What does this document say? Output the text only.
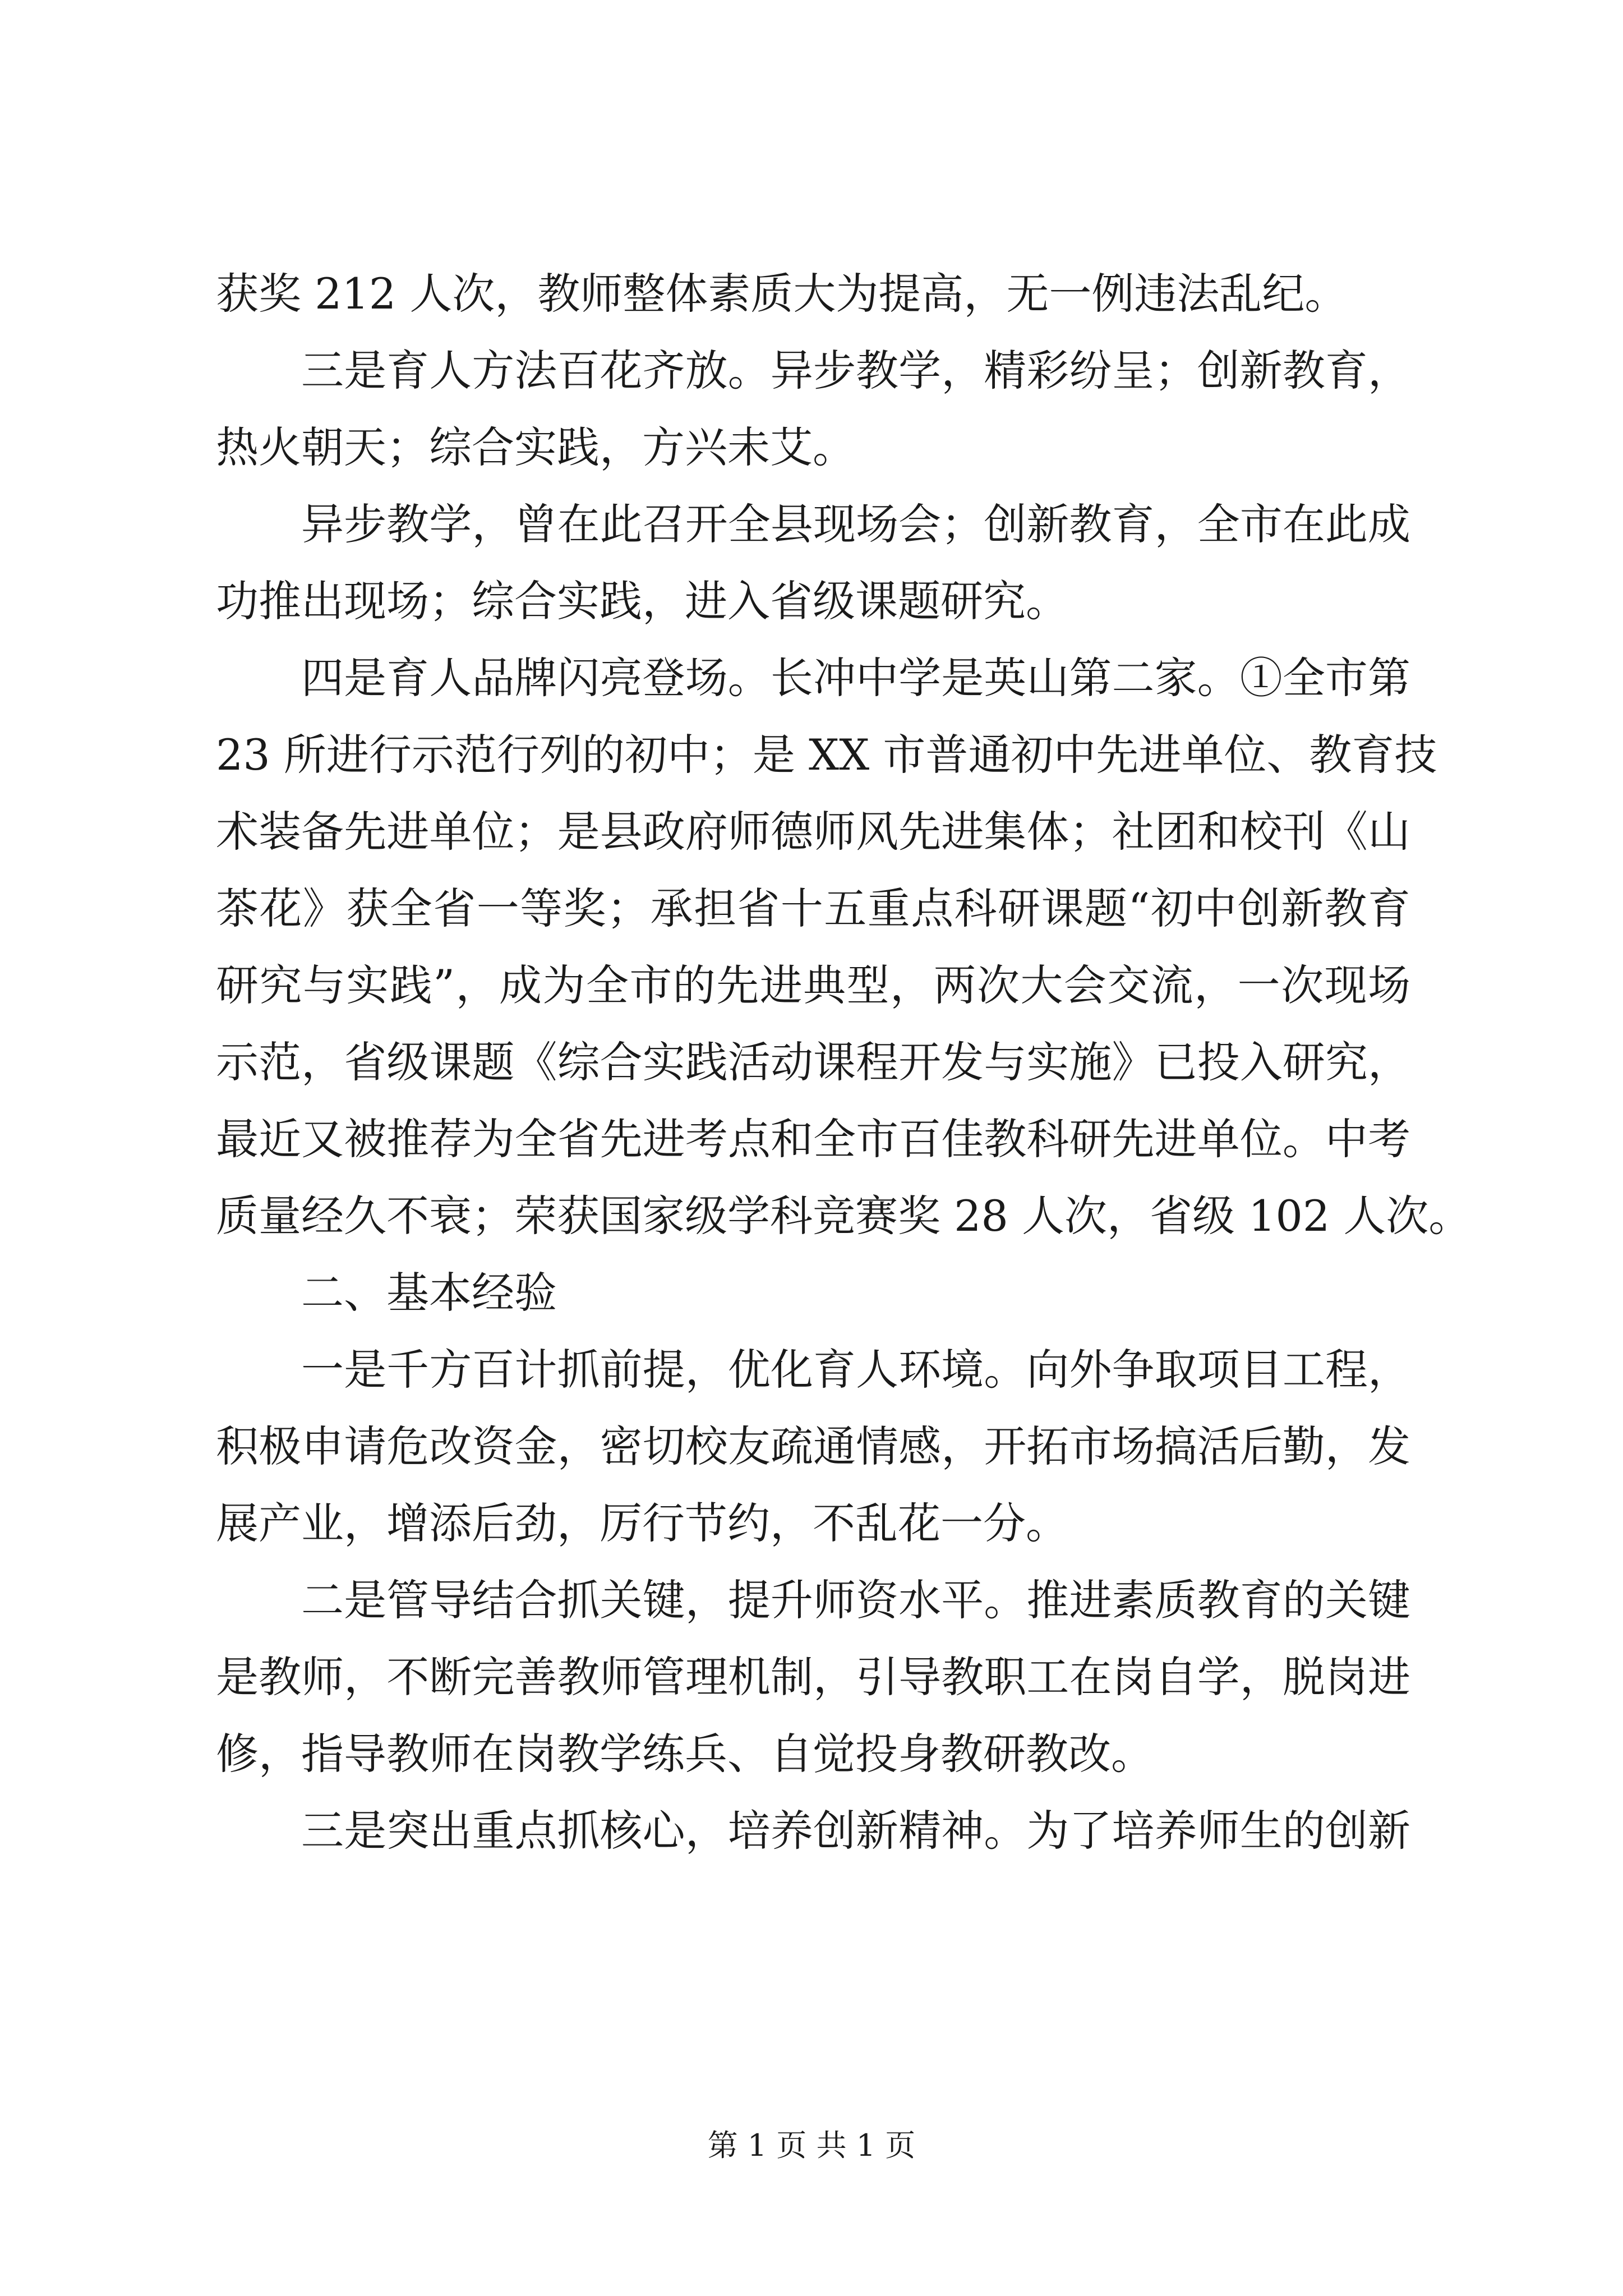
获奖 212 人次，教师整体素质大为提高，无一例违法乱纪。
三是育人方法百花齐放。异步教学，精彩纷呈；创新教育，
热火朝天；综合实践，方兴未艾。
异步教学，曾在此召开全县现场会；创新教育，全市在此成
功推出现场；综合实践，进入省级课题研究。
四是育人品牌闪亮登场。长冲中学是英山第二家。①全市第
23 所进行示范行列的初中；是 XX 市普通初中先进单位、教育技
术装备先进单位；是县政府师德师风先进集体；社团和校刊《山
茶花》获全省一等奖；承担省十五重点科研课题“初中创新教育
研究与实践”，成为全市的先进典型，两次大会交流，一次现场
示范，省级课题《综合实践活动课程开发与实施》已投入研究，
最近又被推荐为全省先进考点和全市百佳教科研先进单位。中考
质量经久不衰；荣获国家级学科竞赛奖 28 人次，省级 102 人次。
二、基本经验
一是千方百计抓前提，优化育人环境。向外争取项目工程，
积极申请危改资金，密切校友疏通情感，开拓市场搞活后勤，发
展产业，增添后劲，厉行节约，不乱花一分。
二是管导结合抓关键，提升师资水平。推进素质教育的关键
是教师，不断完善教师管理机制，引导教职工在岗自学，脱岗进
修，指导教师在岗教学练兵、自觉投身教研教改。
三是突出重点抓核心，培养创新精神。为了培养师生的创新
第 1 页 共 1 页
